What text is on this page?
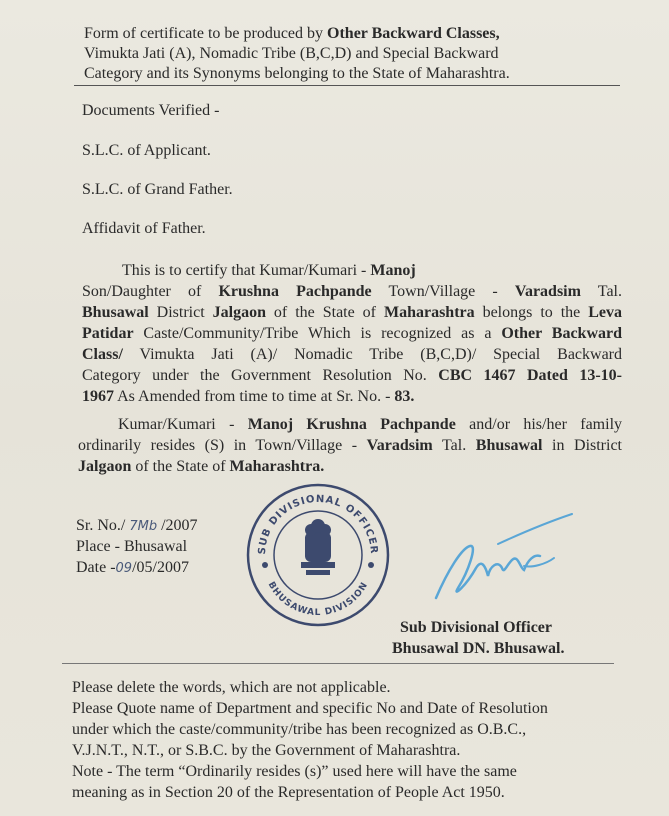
Form of certificate to be produced by Other Backward Classes,
Vimukta Jati (A), Nomadic Tribe (B,C,D) and Special Backward
Category and its Synonyms belonging to the State of Maharashtra.
Documents Verified -
S.L.C. of Applicant.
S.L.C. of Grand Father.
Affidavit of Father.
This is to certify that Kumar/Kumari - Manoj
Son/Daughter of Krushna Pachpande Town/Village - Varadsim Tal.
Bhusawal District Jalgaon of the State of Maharashtra belongs to the Leva
Patidar Caste/Community/Tribe Which is recognized as a Other Backward
Class/ Vimukta Jati (A)/ Nomadic Tribe (B,C,D)/ Special Backward
Category under the Government Resolution No. CBC 1467 Dated 13-10-
1967 As Amended from time to time at Sr. No. - 83.
Kumar/Kumari - Manoj Krushna Pachpande and/or his/her family
ordinarily resides (S) in Town/Village - Varadsim Tal. Bhusawal in District
Jalgaon of the State of Maharashtra.
Sr. No./ 7Mb /2007
Place - Bhusawal
Date -09/05/2007
SUB DIVISIONAL OFFICER
BHUSAWAL DIVISION
Sub Divisional Officer
Bhusawal DN. Bhusawal.
Please delete the words, which are not applicable.
Please Quote name of Department and specific No and Date of Resolution
under which the caste/community/tribe has been recognized as O.B.C.,
V.J.N.T., N.T., or S.B.C. by the Government of Maharashtra.
Note - The term “Ordinarily resides (s)” used here will have the same
meaning as in Section 20 of the Representation of People Act 1950.
